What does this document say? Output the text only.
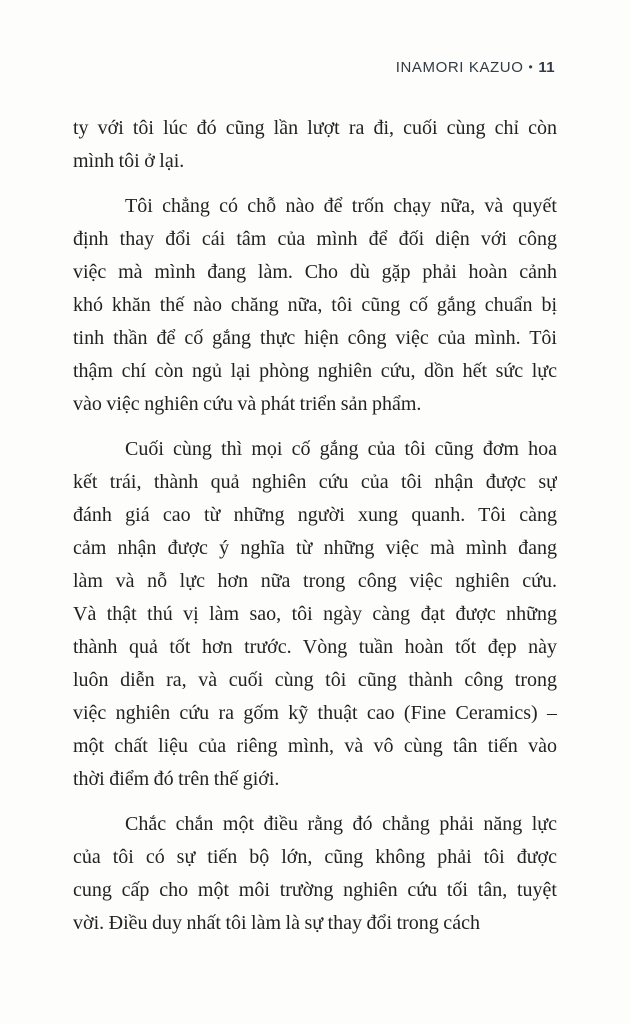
INAMORI KAZUO • 11
ty với tôi lúc đó cũng lần lượt ra đi, cuối cùng chỉ còn
mình tôi ở lại.
Tôi chẳng có chỗ nào để trốn chạy nữa, và quyết
định thay đổi cái tâm của mình để đối diện với công
việc mà mình đang làm. Cho dù gặp phải hoàn cảnh
khó khăn thế nào chăng nữa, tôi cũng cố gắng chuẩn bị
tinh thần để cố gắng thực hiện công việc của mình. Tôi
thậm chí còn ngủ lại phòng nghiên cứu, dồn hết sức lực
vào việc nghiên cứu và phát triển sản phẩm.
Cuối cùng thì mọi cố gắng của tôi cũng đơm hoa
kết trái, thành quả nghiên cứu của tôi nhận được sự
đánh giá cao từ những người xung quanh. Tôi càng
cảm nhận được ý nghĩa từ những việc mà mình đang
làm và nỗ lực hơn nữa trong công việc nghiên cứu.
Và thật thú vị làm sao, tôi ngày càng đạt được những
thành quả tốt hơn trước. Vòng tuần hoàn tốt đẹp này
luôn diễn ra, và cuối cùng tôi cũng thành công trong
việc nghiên cứu ra gốm kỹ thuật cao (Fine Ceramics) –
một chất liệu của riêng mình, và vô cùng tân tiến vào
thời điểm đó trên thế giới.
Chắc chắn một điều rằng đó chẳng phải năng lực
của tôi có sự tiến bộ lớn, cũng không phải tôi được
cung cấp cho một môi trường nghiên cứu tối tân, tuyệt
vời. Điều duy nhất tôi làm là sự thay đổi trong cách
